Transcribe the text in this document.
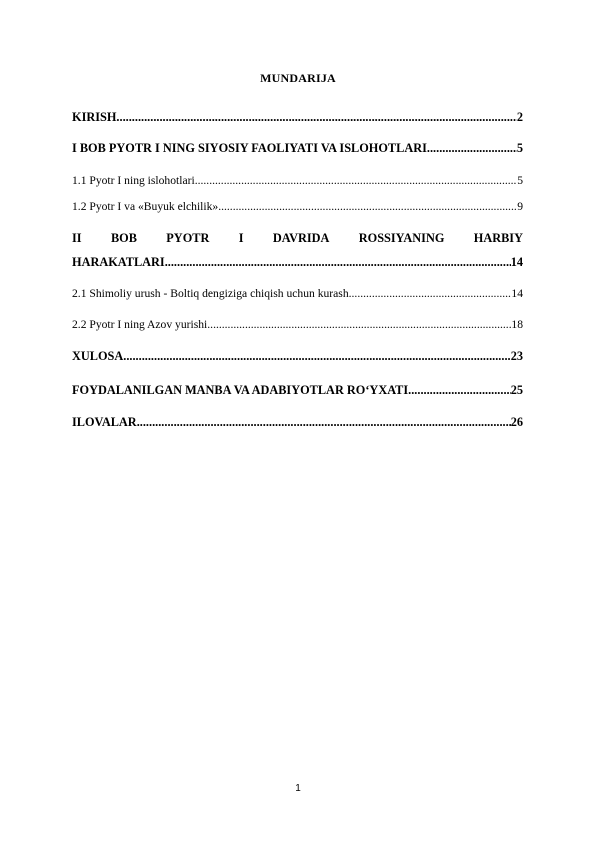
MUNDARIJA
KIRISH .....	2
I BOB PYOTR I NING SIYOSIY FAOLIYATI VA ISLOHOTLARI .....	5
1.1 Pyotr I ning islohotlari .....	5
1.2 Pyotr I va «Buyuk elchilik» .....	9
II BOB PYOTR I DAVRIDA ROSSIYANING HARBIY
HARAKATLARI .....	14
2.1 Shimoliy urush - Boltiq dengiziga chiqish uchun kurash .....	14
2.2 Pyotr I ning Azov yurishi .....	18
XULOSA .....	23
FOYDALANILGAN MANBA VA ADABIYOTLAR RO‘YXATI .....	25
ILOVALAR .....	26
1
